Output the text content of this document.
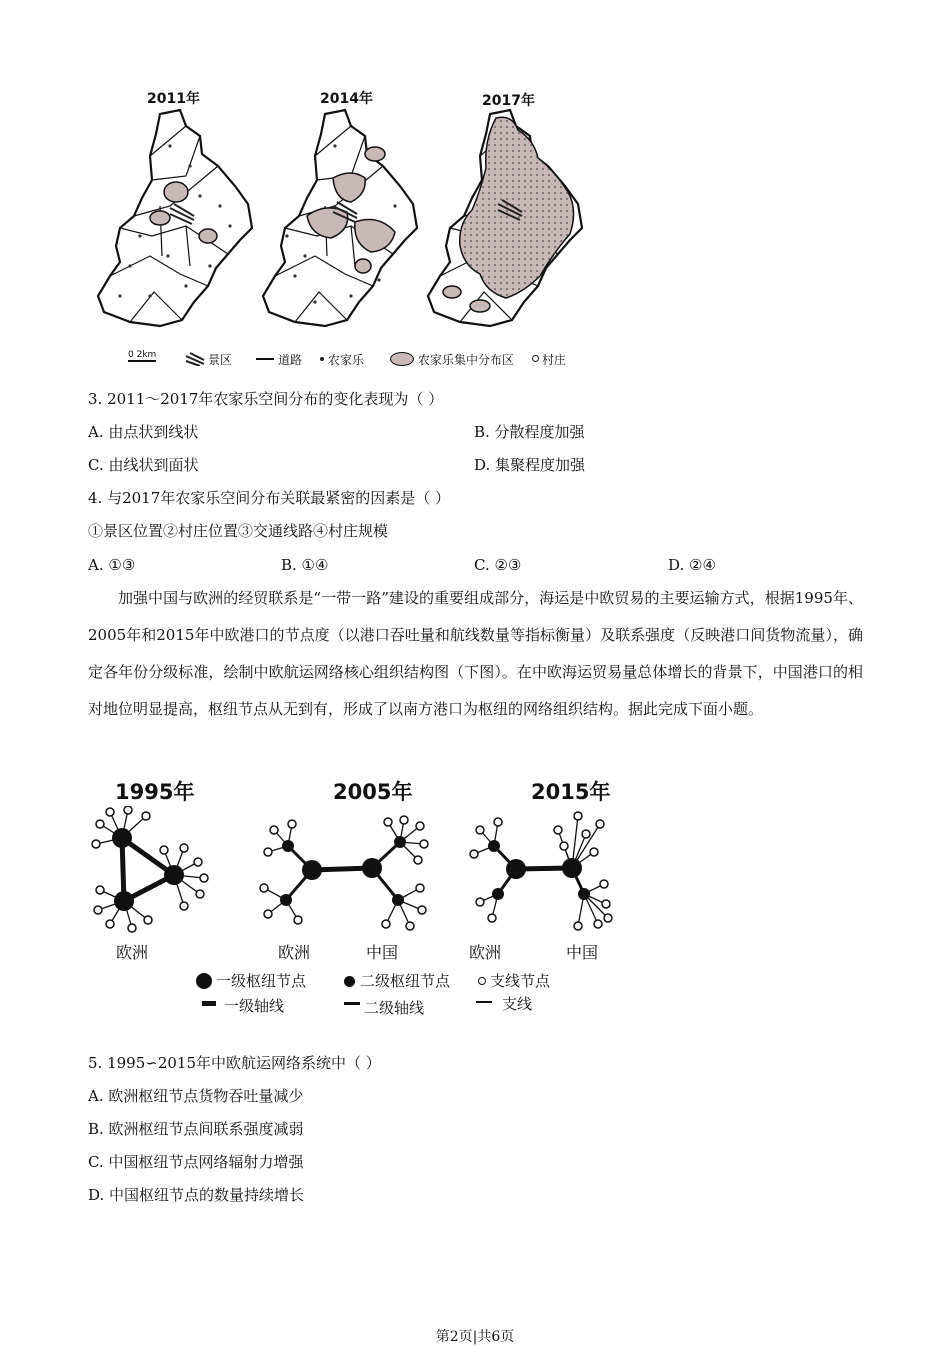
2011年	2014年	2017年
0 2km	景区	道路 农家乐	农家乐集中分布区 村庄
3. 2011～2017年农家乐空间分布的变化表现为（ ）
A. 由点状到线状	B. 分散程度加强
C. 由线状到面状	D. 集聚程度加强
4. 与2017年农家乐空间分布关联最紧密的因素是（ ）
①景区位置②村庄位置③交通线路④村庄规模
A. ①③	B. ①④	C. ②③	D. ②④
加强中国与欧洲的经贸联系是“一带一路”建设的重要组成部分，海运是中欧贸易的主要运输方式，根据1995年、2005年和2015年中欧港口的节点度（以港口吞吐量和航线数量等指标衡量）及联系强度（反映港口间货物流量），确定各年份分级标准，绘制中欧航运网络核心组织结构图（下图）。在中欧海运贸易量总体增长的背景下，中国港口的相对地位明显提高，枢纽节点从无到有，形成了以南方港口为枢纽的网络组织结构。据此完成下面小题。
1995年	2005年	2015年
欧洲	欧洲	中国	欧洲	中国
一级枢纽节点	二级枢纽节点	支线节点
一级轴线	二级轴线	支线
5. 1995∽2015年中欧航运网络系统中（ ）
A. 欧洲枢纽节点货物吞吐量减少
B. 欧洲枢纽节点间联系强度减弱
C. 中国枢纽节点网络辐射力增强
D. 中国枢纽节点的数量持续增长
第2页|共6页
